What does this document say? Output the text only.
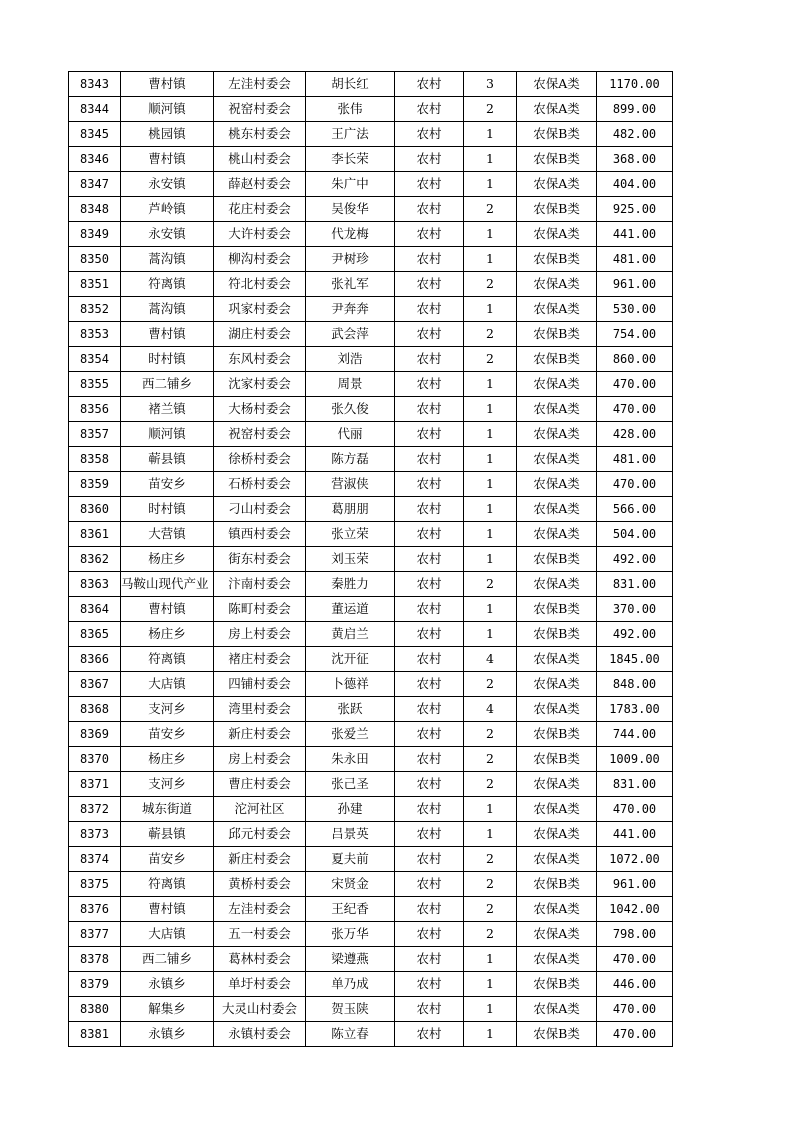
8343	曹村镇	左洼村委会	胡长红	农村	3	农保A类	1170.00
8344	顺河镇	祝窑村委会	张伟	农村	2	农保A类	899.00
8345	桃园镇	桃东村委会	王广法	农村	1	农保B类	482.00
8346	曹村镇	桃山村委会	李长荣	农村	1	农保B类	368.00
8347	永安镇	薛赵村委会	朱广中	农村	1	农保A类	404.00
8348	芦岭镇	花庄村委会	吴俊华	农村	2	农保B类	925.00
8349	永安镇	大许村委会	代龙梅	农村	1	农保A类	441.00
8350	蒿沟镇	柳沟村委会	尹树珍	农村	1	农保B类	481.00
8351	符离镇	符北村委会	张礼军	农村	2	农保A类	961.00
8352	蒿沟镇	巩家村委会	尹奔奔	农村	1	农保A类	530.00
8353	曹村镇	湖庄村委会	武会萍	农村	2	农保B类	754.00
8354	时村镇	东风村委会	刘浩	农村	2	农保B类	860.00
8355	西二铺乡	沈家村委会	周景	农村	1	农保A类	470.00
8356	褚兰镇	大杨村委会	张久俊	农村	1	农保A类	470.00
8357	顺河镇	祝窑村委会	代丽	农村	1	农保A类	428.00
8358	蕲县镇	徐桥村委会	陈方磊	农村	1	农保A类	481.00
8359	苗安乡	石桥村委会	营淑侠	农村	1	农保A类	470.00
8360	时村镇	刁山村委会	葛朋朋	农村	1	农保A类	566.00
8361	大营镇	镇西村委会	张立荣	农村	1	农保A类	504.00
8362	杨庄乡	街东村委会	刘玉荣	农村	1	农保B类	492.00
8363	马鞍山现代产业	汴南村委会	秦胜力	农村	2	农保A类	831.00
8364	曹村镇	陈町村委会	董运道	农村	1	农保B类	370.00
8365	杨庄乡	房上村委会	黄启兰	农村	1	农保B类	492.00
8366	符离镇	褚庄村委会	沈开征	农村	4	农保A类	1845.00
8367	大店镇	四铺村委会	卜德祥	农村	2	农保A类	848.00
8368	支河乡	湾里村委会	张跃	农村	4	农保A类	1783.00
8369	苗安乡	新庄村委会	张爱兰	农村	2	农保B类	744.00
8370	杨庄乡	房上村委会	朱永田	农村	2	农保B类	1009.00
8371	支河乡	曹庄村委会	张己圣	农村	2	农保A类	831.00
8372	城东街道	沱河社区	孙建	农村	1	农保A类	470.00
8373	蕲县镇	邱元村委会	吕景英	农村	1	农保A类	441.00
8374	苗安乡	新庄村委会	夏夫前	农村	2	农保A类	1072.00
8375	符离镇	黄桥村委会	宋贤金	农村	2	农保B类	961.00
8376	曹村镇	左洼村委会	王纪香	农村	2	农保A类	1042.00
8377	大店镇	五一村委会	张万华	农村	2	农保A类	798.00
8378	西二铺乡	葛林村委会	梁遵燕	农村	1	农保A类	470.00
8379	永镇乡	单圩村委会	单乃成	农村	1	农保B类	446.00
8380	解集乡	大灵山村委会	贺玉陕	农村	1	农保A类	470.00
8381	永镇乡	永镇村委会	陈立春	农村	1	农保B类	470.00
